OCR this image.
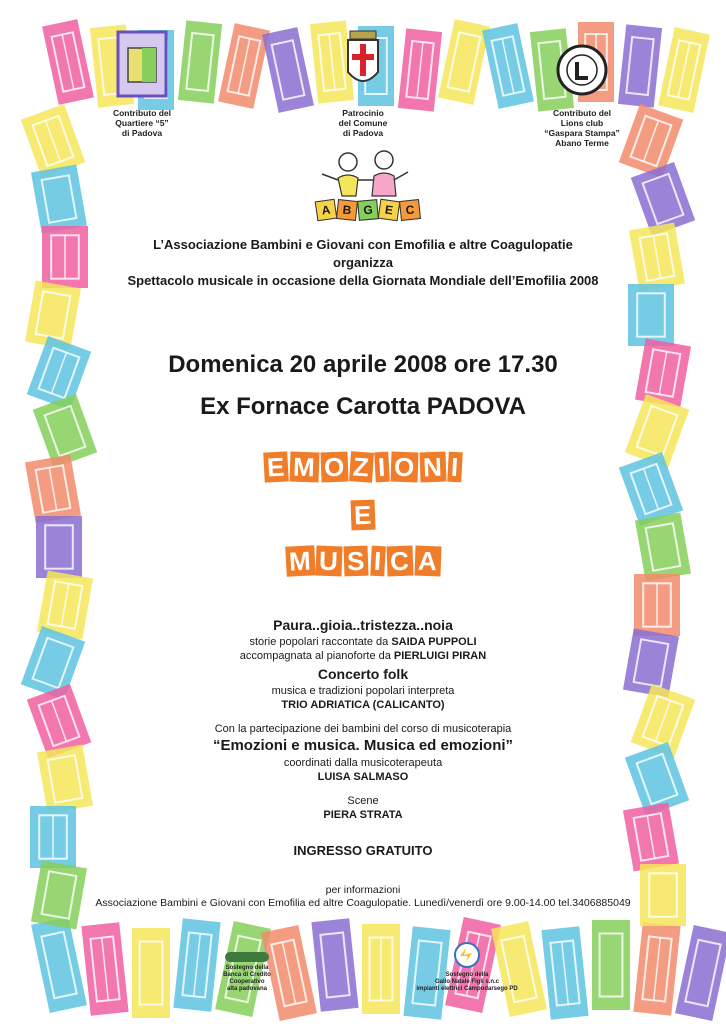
Contributo del
Quartiere “5”
di Padova
Patrocinio
del Comune
di Padova
Contributo del
Lions club
“Gaspara Stampa”
Abano Terme
A B G E C
L’Associazione Bambini e Giovani con Emofilia e altre Coagulopatie
organizza
Spettacolo musicale in occasione della Giornata Mondiale dell’Emofilia 2008
Domenica 20 aprile 2008 ore 17.30
Ex Fornace Carotta PADOVA
E M O Z I O N I
E
M U S I C A
Paura..gioia..tristezza..noia
storie popolari raccontate da SAIDA PUPPOLI
accompagnata al pianoforte da PIERLUIGI PIRAN
Concerto folk
musica e tradizioni popolari interpreta
TRIO ADRIATICA (CALICANTO)
Con la partecipazione dei bambini del corso di musicoterapia
“Emozioni e musica. Musica ed emozioni”
coordinati dalla musicoterapeuta
LUISA SALMASO
Scene
PIERA STRATA
INGRESSO GRATUITO
per informazioni
Associazione Bambini e Giovani con Emofilia ed altre Coagulopatie. Lunedì/venerdì ore 9.00-14.00 tel.3406885049
Sostegno della
Banca di Credito Cooperativo
alta padovana
Sostegno della
Gallo Natale Figli s.n.c
impianti elettrici Campodarsego PD
